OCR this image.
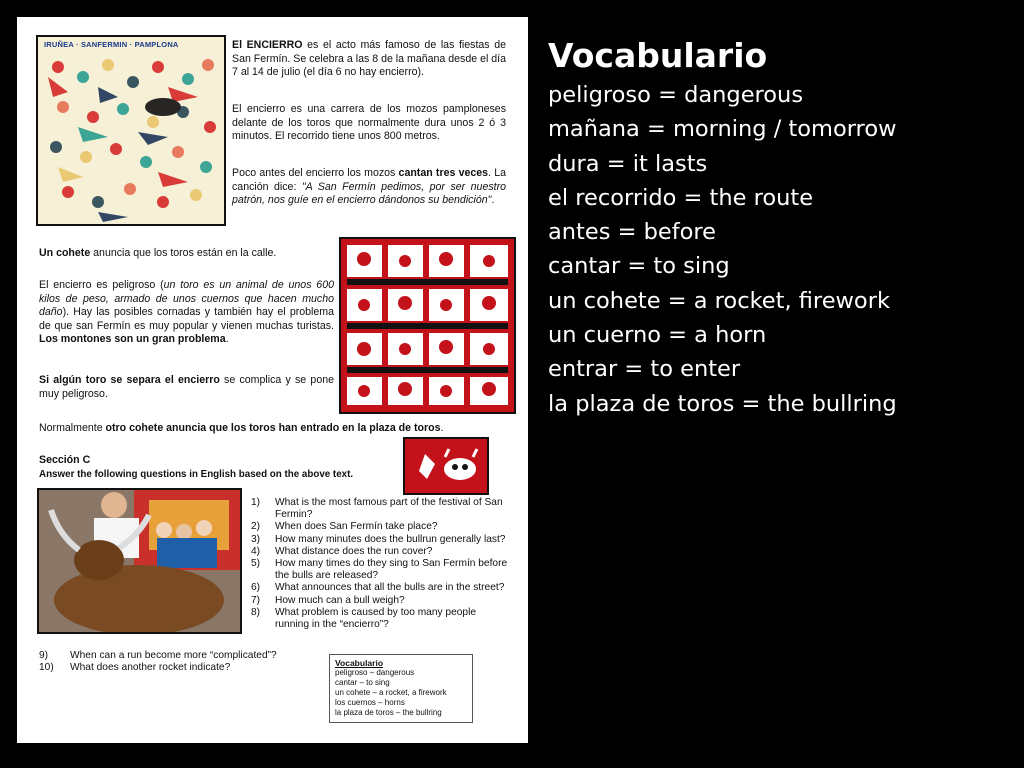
IRUÑEA · SANFERMIN · PAMPLONA	El ENCIERRO es el acto más famoso de las fiestas de San Fermín. Se celebra a las 8 de la mañana desde el día 7 al 14 de julio (el día 6 no hay encierro).
El encierro es una carrera de los mozos pamploneses delante de los toros que normalmente dura unos 2 ó 3 minutos. El recorrido tiene unos 800 metros.
Poco antes del encierro los mozos cantan tres veces. La canción dice: "A San Fermín pedimos, por ser nuestro patrón, nos guíe en el encierro dándonos su bendición".
Un cohete anuncia que los toros están en la calle.
El encierro es peligroso (un toro es un animal de unos 600 kilos de peso, armado de unos cuernos que hacen mucho daño). Hay las posibles cornadas y también hay el problema de que san Fermín es muy popular y vienen muchas turistas. Los montones son un gran problema.
Si algún toro se separa el encierro se complica y se pone muy peligroso.
Normalmente otro cohete anuncia que los toros han entrado en la plaza de toros.
Sección C
Answer the following questions in English based on the above text.
1)	What is the most famous part of the festival of San Fermin?
2)	When does San Fermín take place?
3)	How many minutes does the bullrun generally last?
4)	What distance does the run cover?
5)	How many times do they sing to San Fermín before the bulls are released?
6)	What announces that all the bulls are in the street?
7)	How much can a bull weigh?
8)	What problem is caused by too many people running in the “encierro”?
9)	When can a run become more “complicated”?
10)	What does another rocket indicate?	Vocabulario
peligroso – dangerous
cantar – to sing
un cohete – a rocket, a firework
los cuernos – horns
la plaza de toros – the bullring
Vocabulario
peligroso = dangerous
mañana = morning / tomorrow
dura = it lasts
el recorrido = the route
antes = before
cantar = to sing
un cohete = a rocket, firework
un cuerno = a horn
entrar = to enter
la plaza de toros = the bullring
